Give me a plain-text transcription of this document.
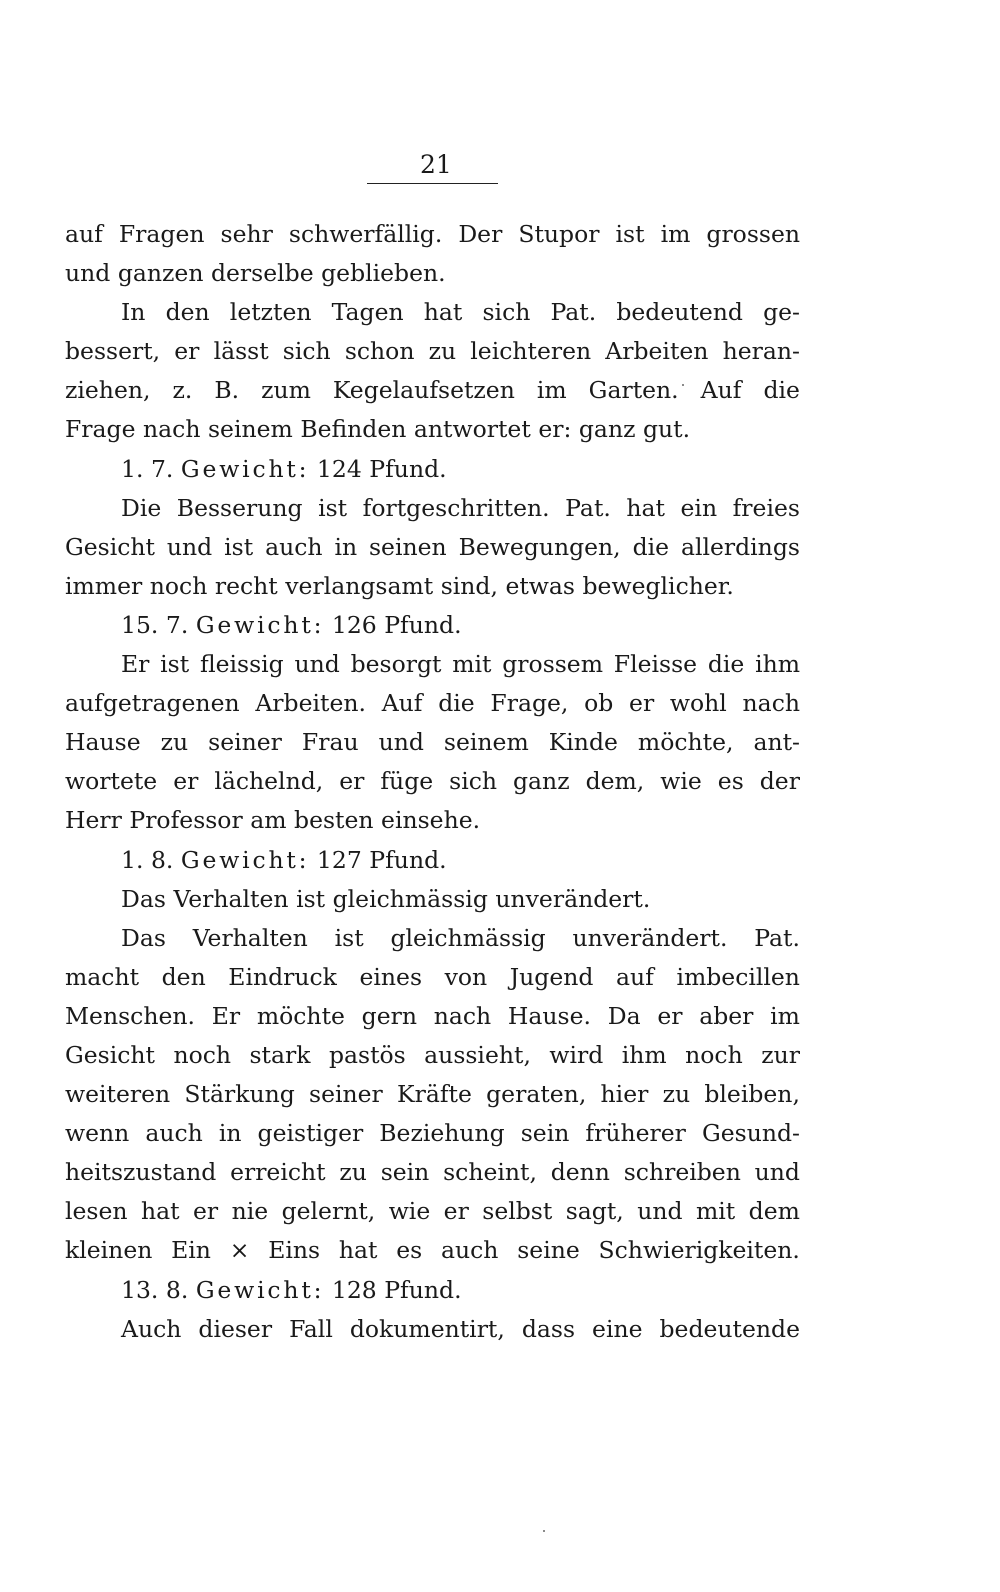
21
auf Fragen sehr schwerfällig. Der Stupor ist im grossen
und ganzen derselbe geblieben.
In den letzten Tagen hat sich Pat. bedeutend ge-
bessert, er lässt sich schon zu leichteren Arbeiten heran-
ziehen, z. B. zum Kegelaufsetzen im Garten. Auf die
Frage nach seinem Befinden antwortet er: ganz gut.
1. 7. Gewicht: 124 Pfund.
Die Besserung ist fortgeschritten. Pat. hat ein freies
Gesicht und ist auch in seinen Bewegungen, die allerdings
immer noch recht verlangsamt sind, etwas beweglicher.
15. 7. Gewicht: 126 Pfund.
Er ist fleissig und besorgt mit grossem Fleisse die ihm
aufgetragenen Arbeiten. Auf die Frage, ob er wohl nach
Hause zu seiner Frau und seinem Kinde möchte, ant-
wortete er lächelnd, er füge sich ganz dem, wie es der
Herr Professor am besten einsehe.
1. 8. Gewicht: 127 Pfund.
Das Verhalten ist gleichmässig unverändert.
Das Verhalten ist gleichmässig unverändert. Pat.
macht den Eindruck eines von Jugend auf imbecillen
Menschen. Er möchte gern nach Hause. Da er aber im
Gesicht noch stark pastös aussieht, wird ihm noch zur
weiteren Stärkung seiner Kräfte geraten, hier zu bleiben,
wenn auch in geistiger Beziehung sein früherer Gesund-
heitszustand erreicht zu sein scheint, denn schreiben und
lesen hat er nie gelernt, wie er selbst sagt, und mit dem
kleinen Ein × Eins hat es auch seine Schwierigkeiten.
13. 8. Gewicht: 128 Pfund.
Auch dieser Fall dokumentirt, dass eine bedeutende
